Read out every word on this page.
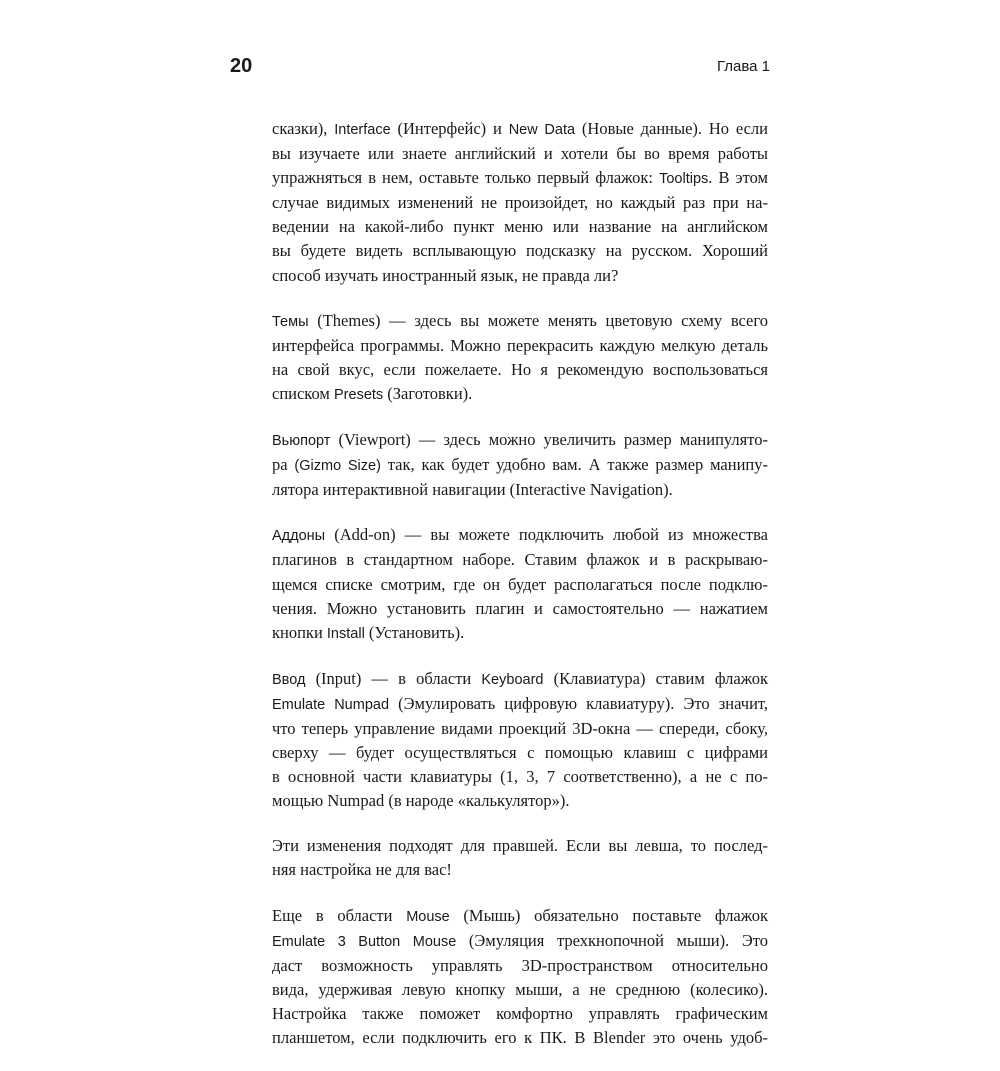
20	Глава 1
сказки), Interface (Интерфейс) и New Data (Новые данные). Но если
вы изучаете или знаете английский и хотели бы во время работы
упражняться в нем, оставьте только первый флажок: Tooltips. В этом
случае видимых изменений не произойдет, но каждый раз при на-
ведении на какой-либо пункт меню или название на английском
вы будете видеть всплывающую подсказку на русском. Хороший
способ изучать иностранный язык, не правда ли?
Темы (Themes) — здесь вы можете менять цветовую схему всего
интерфейса программы. Можно перекрасить каждую мелкую деталь
на свой вкус, если пожелаете. Но я рекомендую воспользоваться
списком Presets (Заготовки).
Вьюпорт (Viewport) — здесь можно увеличить размер манипулято-
ра (Gizmo Size) так, как будет удобно вам. А также размер манипу-
лятора интерактивной навигации (Interactive Navigation).
Аддоны (Add-on) — вы можете подключить любой из множества
плагинов в стандартном наборе. Ставим флажок и в раскрываю-
щемся списке смотрим, где он будет располагаться после подклю-
чения. Можно установить плагин и самостоятельно — нажатием
кнопки Install (Установить).
Ввод (Input) — в области Keyboard (Клавиатура) ставим флажок
Emulate Numpad (Эмулировать цифровую клавиатуру). Это значит,
что теперь управление видами проекций 3D-окна — спереди, сбоку,
сверху — будет осуществляться с помощью клавиш с цифрами
в основной части клавиатуры (1, 3, 7 соответственно), а не с по-
мощью Numpad (в народе «калькулятор»).
Эти изменения подходят для правшей. Если вы левша, то послед-
няя настройка не для вас!
Еще в области Mouse (Мышь) обязательно поставьте флажок
Emulate 3 Button Mouse (Эмуляция трехкнопочной мыши). Это
даст возможность управлять 3D-пространством относительно
вида, удерживая левую кнопку мыши, а не среднюю (колесико).
Настройка также поможет комфортно управлять графическим
планшетом, если подключить его к ПК. В Blender это очень удоб-
